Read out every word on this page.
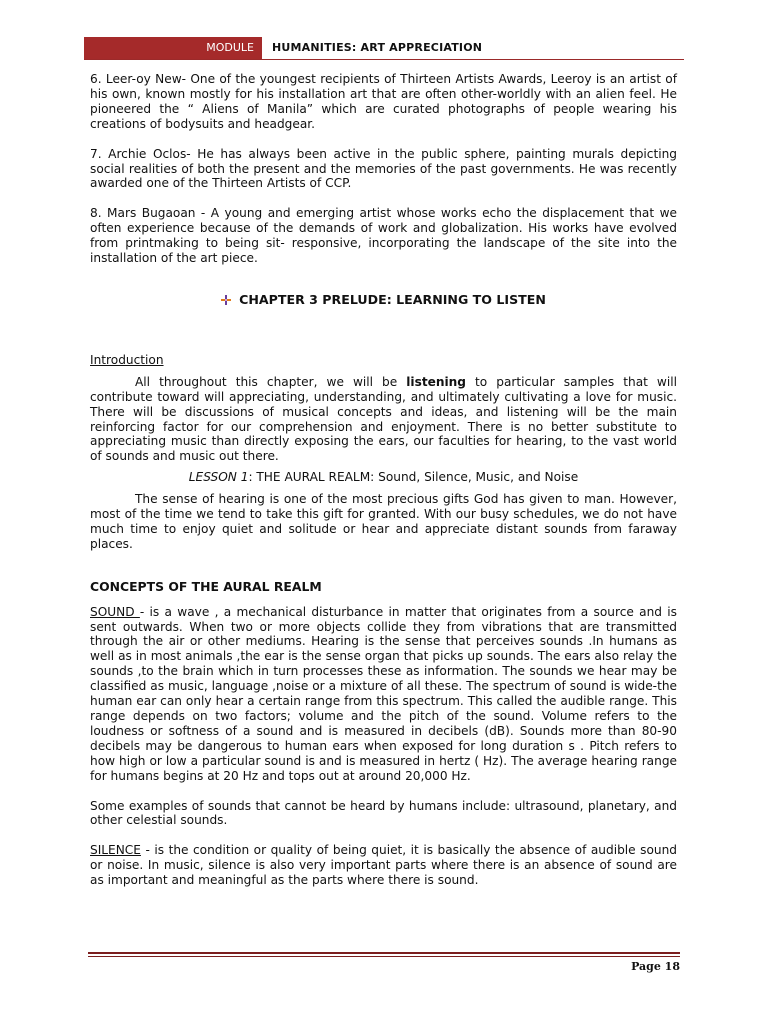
MODULE	HUMANITIES: ART APPRECIATION

6. Leer-oy New- One of the youngest recipients of Thirteen Artists Awards, Leeroy is an artist of his own, known mostly for his installation art that are often other-worldly with an alien feel. He pioneered the “ Aliens of Manila” which are curated photographs of people wearing his creations of bodysuits and headgear.

7. Archie Oclos- He has always been active in the public sphere, painting murals depicting social realities of both the present and the memories of the past governments. He was recently awarded one of the Thirteen Artists of CCP.

8. Mars Bugaoan - A young and emerging artist whose works echo the displacement that we often experience because of the demands of work and globalization. His works have evolved from printmaking to being sit- responsive, incorporating the landscape of the site into the installation of the art piece.

CHAPTER 3 PRELUDE: LEARNING TO LISTEN

Introduction

All throughout this chapter, we will be listening to particular samples that will contribute toward will appreciating, understanding, and ultimately cultivating a love for music. There will be discussions of musical concepts and ideas, and listening will be the main reinforcing factor for our comprehension and enjoyment. There is no better substitute to appreciating music than directly exposing the ears, our faculties for hearing, to the vast world of sounds and music out there.

LESSON 1: THE AURAL REALM: Sound, Silence, Music, and Noise

The sense of hearing is one of the most precious gifts God has given to man. However, most of the time we tend to take this gift for granted. With our busy schedules, we do not have much time to enjoy quiet and solitude or hear and appreciate distant sounds from faraway places.

CONCEPTS OF THE AURAL REALM

SOUND - is a wave , a mechanical disturbance in matter that originates from a source and is sent outwards. When two or more objects collide they from vibrations that are transmitted through the air or other mediums. Hearing is the sense that perceives sounds .In humans as well as in most animals ,the ear is the sense organ that picks up sounds. The ears also relay the sounds ,to the brain which in turn processes these as information. The sounds we hear may be classified as music, language ,noise or a mixture of all these. The spectrum of sound is wide-the human ear can only hear a certain range from this spectrum. This called the audible range. This range depends on two factors; volume and the pitch of the sound. Volume refers to the loudness or softness of a sound and is measured in decibels (dB). Sounds more than 80-90 decibels may be dangerous to human ears when exposed for long duration s . Pitch refers to how high or low a particular sound is and is measured in hertz ( Hz). The average hearing range for humans begins at 20 Hz and tops out at around 20,000 Hz.

Some examples of sounds that cannot be heard by humans include: ultrasound, planetary, and other celestial sounds.

SILENCE - is the condition or quality of being quiet, it is basically the absence of audible sound or noise. In music, silence is also very important parts where there is an absence of sound are as important and meaningful as the parts where there is sound.

Page 18
